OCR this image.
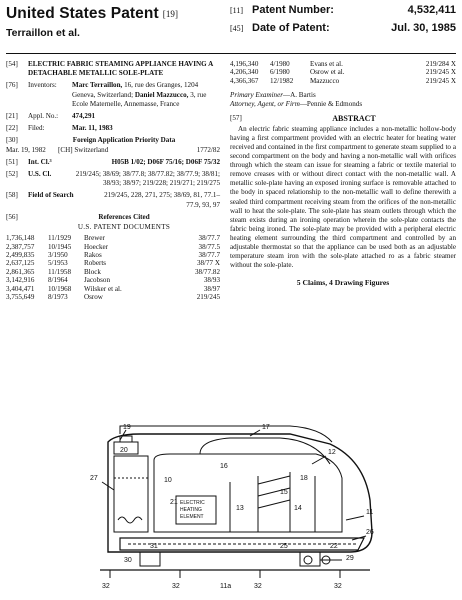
United States Patent [19]
Terraillon et al.
[11] Patent Number:	4,532,411
[45] Date of Patent:	Jul. 30, 1985
[54]	ELECTRIC FABRIC STEAMING APPLIANCE HAVING A DETACHABLE METALLIC SOLE-PLATE
[76]	Inventors:	Marc Terraillon, 16, rue des Granges, 1204 Geneva, Switzerland; Daniel Mazzucco, 3, rue Ecole Maternelle, Annemasse, France
[21]	Appl. No.:	474,291
[22]	Filed:	Mar. 11, 1983
[30]	Foreign Application Priority Data
Mar. 19, 1982	[CH] Switzerland	1772/82
[51]	Int. Cl.³	H05B 1/02; D06F 75/16; D06F 75/32
[52]	U.S. Cl.	219/245; 38/69; 38/77.8; 38/77.82; 38/77.9; 38/81; 38/93; 38/97; 219/228; 219/271; 219/275
[58]	Field of Search	219/245, 228, 271, 275; 38/69, 81, 77.1–77.9, 93, 97
[56]	References Cited
U.S. PATENT DOCUMENTS
1,736,148	11/1929	Brewer	38/77.7
2,387,757	10/1945	Hoecker	38/77.5
2,499,835	3/1950	Rakos	38/77.7
2,637,125	5/1953	Roberts	38/77 X
2,861,365	11/1958	Block	38/77.82
3,142,916	8/1964	Jacobson	38/93
3,404,471	10/1968	Wilsker et al.	38/97
3,755,649	8/1973	Osrow	219/245
4,196,340	4/1980	Evans et al.	219/284 X
4,206,340	6/1980	Osrow et al.	219/245 X
4,366,367	12/1982	Mazzucco	219/245 X
Primary Examiner—A. Bartis
Attorney, Agent, or Firm—Pennie & Edmonds
[57]	ABSTRACT
An electric fabric steaming appliance includes a non-metallic hollow-body having a first compartment provided with an electric heater for heating water received and contained in the first compartment to generate steam supplied to a second compartment on the body and having a non-metallic wall with orifices through which the steam can issue for steaming a fabric or textile material to remove creases with or without direct contact with the non-metallic wall. A metallic sole-plate having an exposed ironing surface is removable attached to the body in spaced relationship to the non-metallic wall to define therewith a sealed third compartment receiving steam from the orifices of the non-metallic wall to heat the sole-plate. The sole-plate has steam outlets through which the steam exists during an ironing operation wherein the sole-plate contacts the fabric being ironed. The sole-plate may be provided with a peripheral electric heating element surrounding the third compartment and controlled by an adjustable thermostat so that the appliance can be used both as an adjustable temperature steam iron with the sole-plate attached ro as a fabric steamer without the sole-plate.
5 Claims, 4 Drawing Figures
19	17
20
16
27	10
12
18
15
21
13	14
11
26
31
30
25	22
29
32	32	11a	32	32
ELECTRIC
HEATING
ELEMENT
